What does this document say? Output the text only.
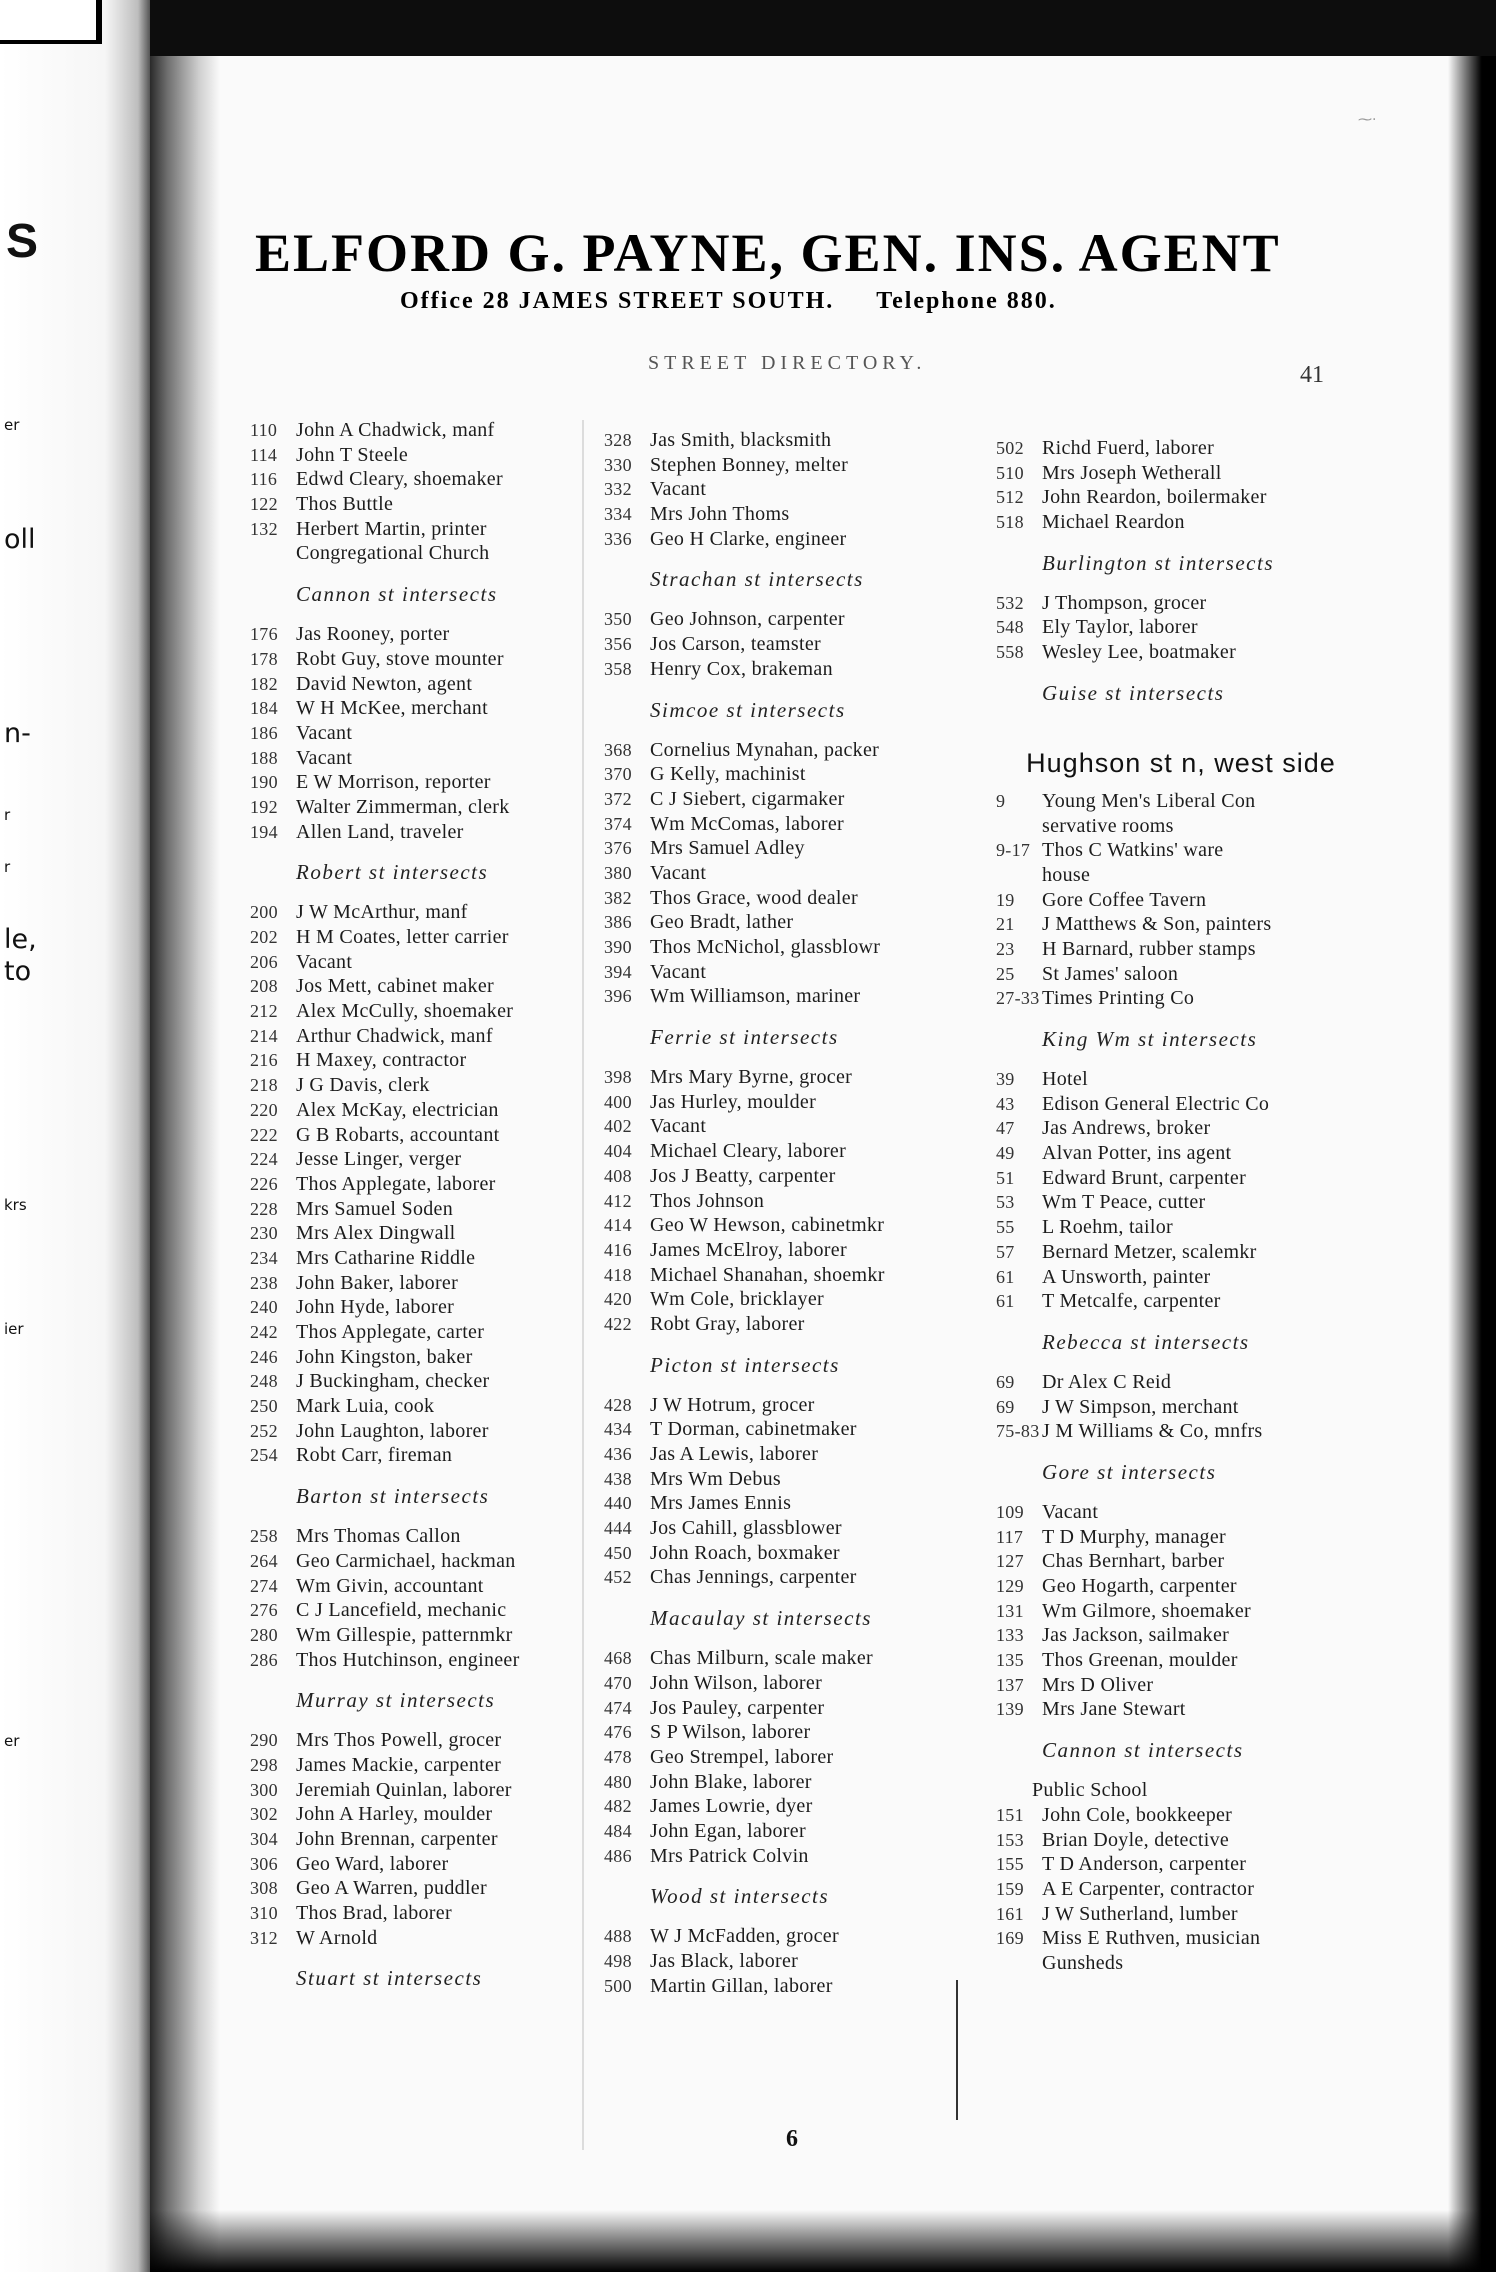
S
er
oll
n-
r
r
le,
to
krs
ier
er
⁓·
ELFORD G. PAYNE, GEN. INS. AGENT
Office 28 JAMES STREET SOUTH. Telephone 880.
STREET DIRECTORY.	41
110 John A Chadwick, manf
114 John T Steele
116 Edwd Cleary, shoemaker
122 Thos Buttle
132 Herbert Martin, printer
Congregational Church
Cannon st intersects
176 Jas Rooney, porter
178 Robt Guy, stove mounter
182 David Newton, agent
184 W H McKee, merchant
186 Vacant
188 Vacant
190 E W Morrison, reporter
192 Walter Zimmerman, clerk
194 Allen Land, traveler
Robert st intersects
200 J W McArthur, manf
202 H M Coates, letter carrier
206 Vacant
208 Jos Mett, cabinet maker
212 Alex McCully, shoemaker
214 Arthur Chadwick, manf
216 H Maxey, contractor
218 J G Davis, clerk
220 Alex McKay, electrician
222 G B Robarts, accountant
224 Jesse Linger, verger
226 Thos Applegate, laborer
228 Mrs Samuel Soden
230 Mrs Alex Dingwall
234 Mrs Catharine Riddle
238 John Baker, laborer
240 John Hyde, laborer
242 Thos Applegate, carter
246 John Kingston, baker
248 J Buckingham, checker
250 Mark Luia, cook
252 John Laughton, laborer
254 Robt Carr, fireman
Barton st intersects
258 Mrs Thomas Callon
264 Geo Carmichael, hackman
274 Wm Givin, accountant
276 C J Lancefield, mechanic
280 Wm Gillespie, patternmkr
286 Thos Hutchinson, engineer
Murray st intersects
290 Mrs Thos Powell, grocer
298 James Mackie, carpenter
300 Jeremiah Quinlan, laborer
302 John A Harley, moulder
304 John Brennan, carpenter
306 Geo Ward, laborer
308 Geo A Warren, puddler
310 Thos Brad, laborer
312 W Arnold
Stuart st intersects
328 Jas Smith, blacksmith
330 Stephen Bonney, melter
332 Vacant
334 Mrs John Thoms
336 Geo H Clarke, engineer
Strachan st intersects
350 Geo Johnson, carpenter
356 Jos Carson, teamster
358 Henry Cox, brakeman
Simcoe st intersects
368 Cornelius Mynahan, packer
370 G Kelly, machinist
372 C J Siebert, cigarmaker
374 Wm McComas, laborer
376 Mrs Samuel Adley
380 Vacant
382 Thos Grace, wood dealer
386 Geo Bradt, lather
390 Thos McNichol, glassblowr
394 Vacant
396 Wm Williamson, mariner
Ferrie st intersects
398 Mrs Mary Byrne, grocer
400 Jas Hurley, moulder
402 Vacant
404 Michael Cleary, laborer
408 Jos J Beatty, carpenter
412 Thos Johnson
414 Geo W Hewson, cabinetmkr
416 James McElroy, laborer
418 Michael Shanahan, shoemkr
420 Wm Cole, bricklayer
422 Robt Gray, laborer
Picton st intersects
428 J W Hotrum, grocer
434 T Dorman, cabinetmaker
436 Jas A Lewis, laborer
438 Mrs Wm Debus
440 Mrs James Ennis
444 Jos Cahill, glassblower
450 John Roach, boxmaker
452 Chas Jennings, carpenter
Macaulay st intersects
468 Chas Milburn, scale maker
470 John Wilson, laborer
474 Jos Pauley, carpenter
476 S P Wilson, laborer
478 Geo Strempel, laborer
480 John Blake, laborer
482 James Lowrie, dyer
484 John Egan, laborer
486 Mrs Patrick Colvin
Wood st intersects
488 W J McFadden, grocer
498 Jas Black, laborer
500 Martin Gillan, laborer
502 Richd Fuerd, laborer
510 Mrs Joseph Wetherall
512 John Reardon, boilermaker
518 Michael Reardon
Burlington st intersects
532 J Thompson, grocer
548 Ely Taylor, laborer
558 Wesley Lee, boatmaker
Guise st intersects
Hughson st n, west side
9 Young Men's Liberal Con
servative rooms
9-17 Thos C Watkins' ware
house
19 Gore Coffee Tavern
21 J Matthews & Son, painters
23 H Barnard, rubber stamps
25 St James' saloon
27-33 Times Printing Co
King Wm st intersects
39 Hotel
43 Edison General Electric Co
47 Jas Andrews, broker
49 Alvan Potter, ins agent
51 Edward Brunt, carpenter
53 Wm T Peace, cutter
55 L Roehm, tailor
57 Bernard Metzer, scalemkr
61 A Unsworth, painter
61 T Metcalfe, carpenter
Rebecca st intersects
69 Dr Alex C Reid
69 J W Simpson, merchant
75-83 J M Williams & Co, mnfrs
Gore st intersects
109 Vacant
117 T D Murphy, manager
127 Chas Bernhart, barber
129 Geo Hogarth, carpenter
131 Wm Gilmore, shoemaker
133 Jas Jackson, sailmaker
135 Thos Greenan, moulder
137 Mrs D Oliver
139 Mrs Jane Stewart
Cannon st intersects
Public School
151 John Cole, bookkeeper
153 Brian Doyle, detective
155 T D Anderson, carpenter
159 A E Carpenter, contractor
161 J W Sutherland, lumber
169 Miss E Ruthven, musician
Gunsheds
6
